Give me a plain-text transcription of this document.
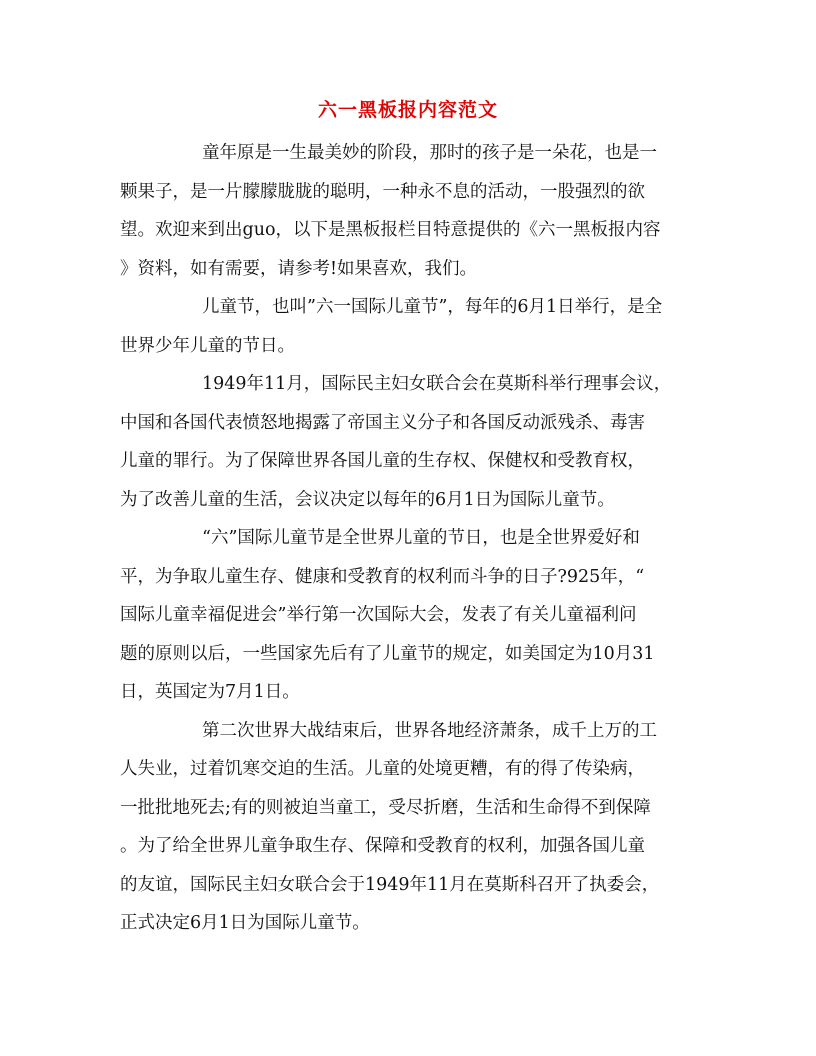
六一黑板报内容范文

童年原是一生最美妙的阶段，那时的孩子是一朵花，也是一
颗果子，是一片朦朦胧胧的聪明，一种永不息的活动，一股强烈的欲
望。欢迎来到出guo，以下是黑板报栏目特意提供的《六一黑板报内容
》资料，如有需要，请参考!如果喜欢，我们。

儿童节，也叫”六一国际儿童节”，每年的6月1日举行，是全
世界少年儿童的节日。

1949年11月，国际民主妇女联合会在莫斯科举行理事会议，
中国和各国代表愤怒地揭露了帝国主义分子和各国反动派残杀、毒害
儿童的罪行。为了保障世界各国儿童的生存权、保健权和受教育权，
为了改善儿童的生活，会议决定以每年的6月1日为国际儿童节。

“六”国际儿童节是全世界儿童的节日，也是全世界爱好和
平，为争取儿童生存、健康和受教育的权利而斗争的日子?925年，“
国际儿童幸福促进会”举行第一次国际大会，发表了有关儿童福利问
题的原则以后，一些国家先后有了儿童节的规定，如美国定为10月31
日，英国定为7月1日。

第二次世界大战结束后，世界各地经济萧条，成千上万的工
人失业，过着饥寒交迫的生活。儿童的处境更糟，有的得了传染病，
一批批地死去;有的则被迫当童工，受尽折磨，生活和生命得不到保障
。为了给全世界儿童争取生存、保障和受教育的权利，加强各国儿童
的友谊，国际民主妇女联合会于1949年11月在莫斯科召开了执委会，
正式决定6月1日为国际儿童节。
